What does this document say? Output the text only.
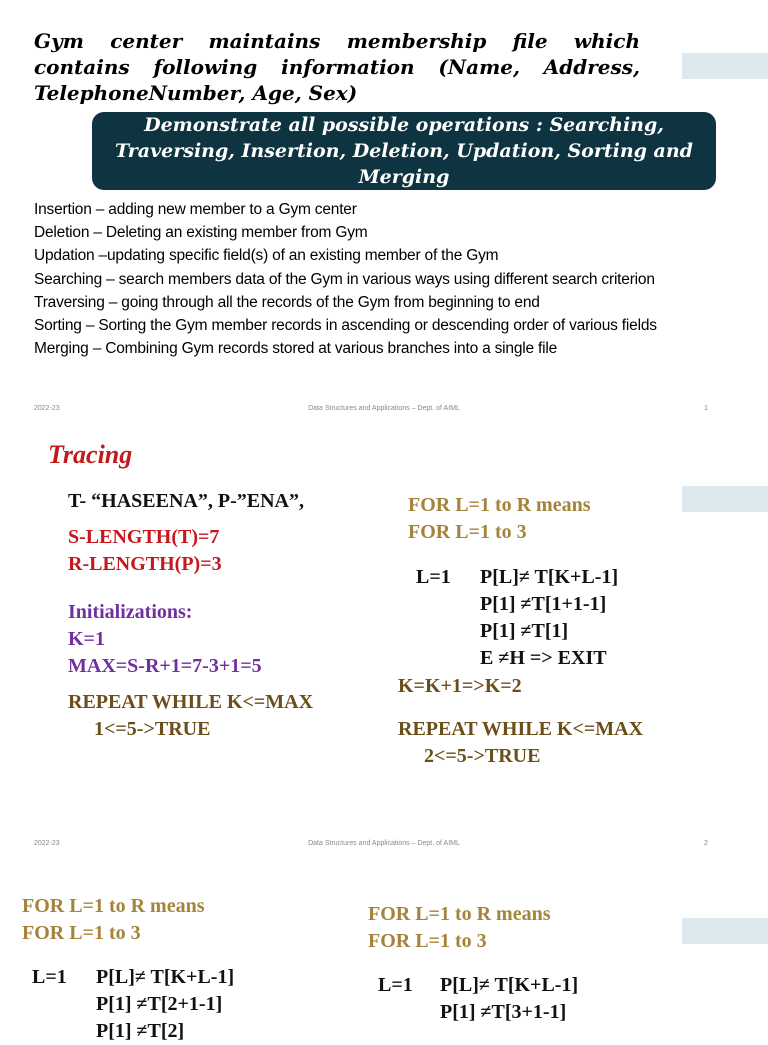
Gym center maintains membership file which contains following information (Name, Address, TelephoneNumber, Age, Sex)
Demonstrate all possible operations : Searching, Traversing, Insertion, Deletion, Updation, Sorting and Merging
Insertion – adding new member to a Gym center
Deletion – Deleting an existing member from Gym
Updation –updating specific field(s) of an existing member of the Gym
Searching – search members data of the Gym in various ways using different search criterion
Traversing – going through all the records of the Gym from beginning to end
Sorting – Sorting the Gym member records in ascending or descending order of various fields
Merging – Combining Gym records stored at various branches into a single file
2022-23	Data Structures and Applications – Dept. of AIML	1
Tracing
T- “HASEENA”, P-”ENA”,
S-LENGTH(T)=7
R-LENGTH(P)=3
Initializations:
K=1
MAX=S-R+1=7-3+1=5
REPEAT WHILE K<=MAX
1<=5->TRUE
FOR L=1 to R means
FOR L=1 to 3
L=1 P[L]≠ T[K+L-1]
P[1] ≠T[1+1-1]
P[1] ≠T[1]
E ≠H => EXIT
K=K+1=>K=2
REPEAT WHILE K<=MAX
2<=5->TRUE
2022-23	Data Structures and Applications – Dept. of AIML	2
FOR L=1 to R means
FOR L=1 to 3
L=1 P[L]≠ T[K+L-1]
P[1] ≠T[2+1-1]
P[1] ≠T[2]
FOR L=1 to R means
FOR L=1 to 3
L=1 P[L]≠ T[K+L-1]
P[1] ≠T[3+1-1]
